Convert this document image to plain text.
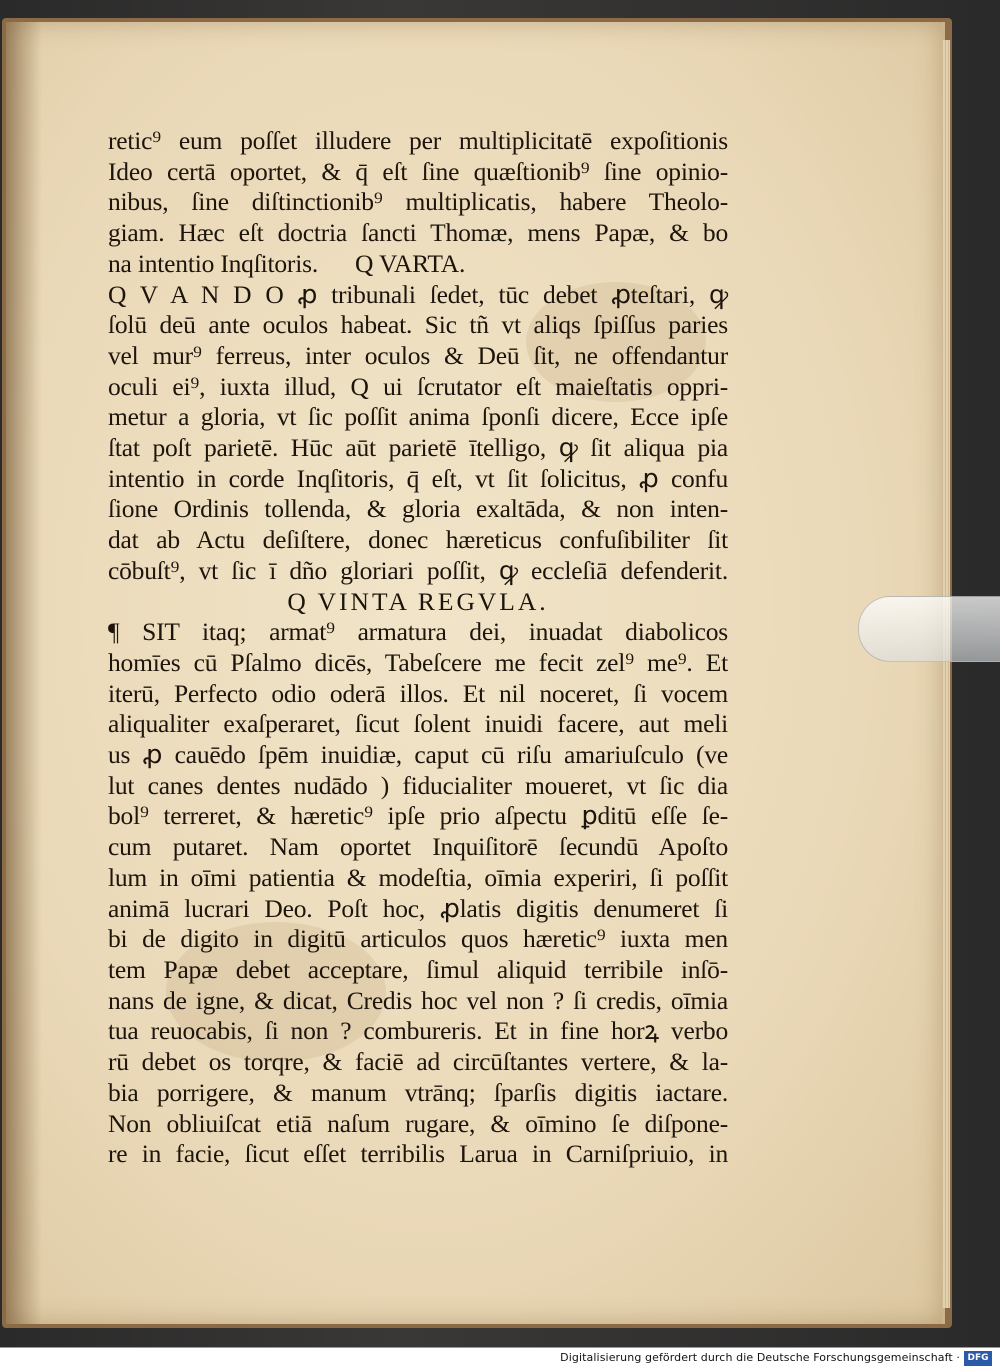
retic⁹ eum poſſet illudere per multiplicitatē expoſitionis
Ideo certā oportet, & q̄ eſt ſine quæſtionib⁹ ſine opinio-
nibus, ſine diſtinctionib⁹ multiplicatis, habere Theolo-
giam. Hæc eſt doctria ſancti Thomæ, mens Papæ, & bo
na intentio Inqſitoris.      Q VARTA.
Q V A N D O ꝓ tribunali ſedet, tūc debet ꝓteſtari, ꝙ
ſolū deū ante oculos habeat. Sic tñ vt aliqs ſpiſſus paries
vel mur⁹ ferreus, inter oculos & Deū ſit, ne offendantur
oculi ei⁹, iuxta illud, Q ui ſcrutator eſt maieſtatis oppri-
metur a gloria, vt ſic poſſit anima ſponſi dicere, Ecce ipſe
ſtat poſt parietē. Hūc aūt parietē ītelligo, ꝙ ſit aliqua pia
intentio in corde Inqſitoris, q̄ eſt, vt ſit ſolicitus, ꝓ confu
ſione Ordinis tollenda, & gloria exaltāda, & non inten-
dat ab Actu deſiſtere, donec hæreticus confuſibiliter ſit
cōbuſt⁹, vt ſic ī dño gloriari poſſit, ꝙ eccleſiā defenderit.
Q VINTA REGVLA.
¶ SIT itaq; armat⁹ armatura dei, inuadat diabolicos
homīes cū Pſalmo dicēs, Tabeſcere me fecit zel⁹ me⁹. Et
iterū, Perfecto odio oderā illos. Et nil noceret, ſi vocem
aliqualiter exaſperaret, ſicut ſolent inuidi facere, aut meli
us ꝓ cauēdo ſpēm inuidiæ, caput cū riſu amariuſculo (ve
lut canes dentes nudādo ) fiducialiter moueret, vt ſic dia
bol⁹ terreret, & hæretic⁹ ipſe prio aſpectu ꝑditū eſſe ſe-
cum putaret. Nam oportet Inquiſitorē ſecundū Apoſto
lum in oīmi patientia & modeſtia, oīmia experiri, ſi poſſit
animā lucrari Deo. Poſt hoc, ꝓlatis digitis denumeret ſi
bi de digito in digitū articulos quos hæretic⁹ iuxta men
tem Papæ debet acceptare, ſimul aliquid terribile inſō-
nans de igne, & dicat, Credis hoc vel non ? ſi credis, oīmia
tua reuocabis, ſi non ? combureris. Et in fine horꝝ verbo
rū debet os torqre, & faciē ad circūſtantes vertere, & la-
bia porrigere, & manum vtrānq; ſparſis digitis iactare.
Non obliuiſcat etiā naſum rugare, & oīmino ſe diſpone-
re in facie, ſicut eſſet terribilis Larua in Carniſpriuio, in
Digitalisierung gefördert durch die Deutsche Forschungsgemeinschaft · DFG
